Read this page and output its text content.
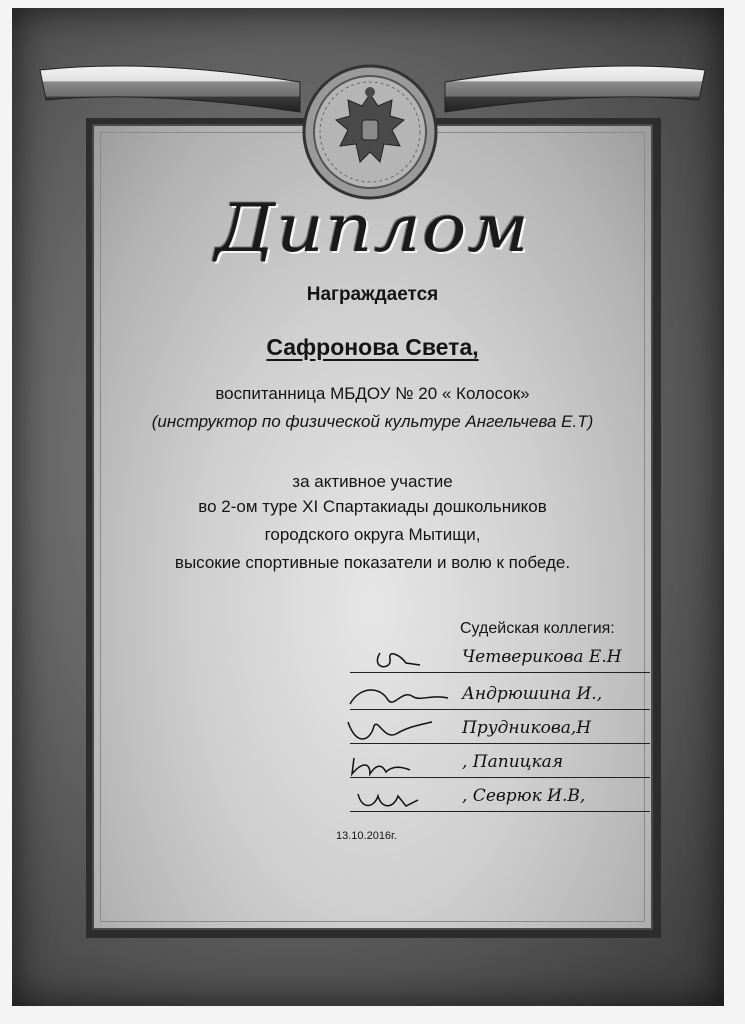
Диплом
Награждается
Сафронова Света,
воспитанница МБДОУ № 20 « Колосок»
(инструктор по физической культуре Ангельчева Е.Т)
за активное участие
во 2-ом туре XI Спартакиады дошкольников
городского округа Мытищи,
высокие спортивные показатели и волю к победе.
Судейская коллегия:
Четверикова Е.Н
Андрюшина И.,
Прудникова,Н
, Папицкая
, Севрюк И.В,
13.10.2016г.
